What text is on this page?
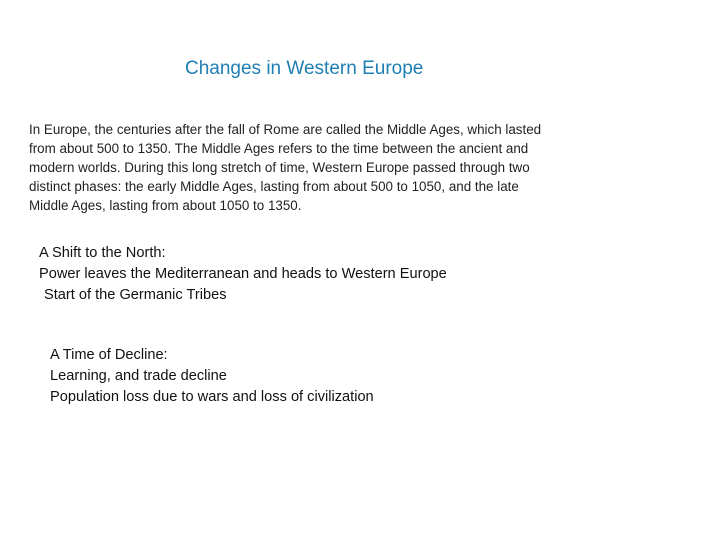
Changes in Western Europe
In Europe, the centuries after the fall of Rome are called the Middle Ages, which lasted
from about 500 to 1350. The Middle Ages refers to the time between the ancient and
modern worlds. During this long stretch of time, Western Europe passed through two
distinct phases: the early Middle Ages, lasting from about 500 to 1050, and the late
Middle Ages, lasting from about 1050 to 1350.
A Shift to the North:
Power leaves the Mediterranean and heads to Western Europe
Start of the Germanic Tribes
A Time of Decline:
Learning, and trade decline
Population loss due to wars and loss of civilization
